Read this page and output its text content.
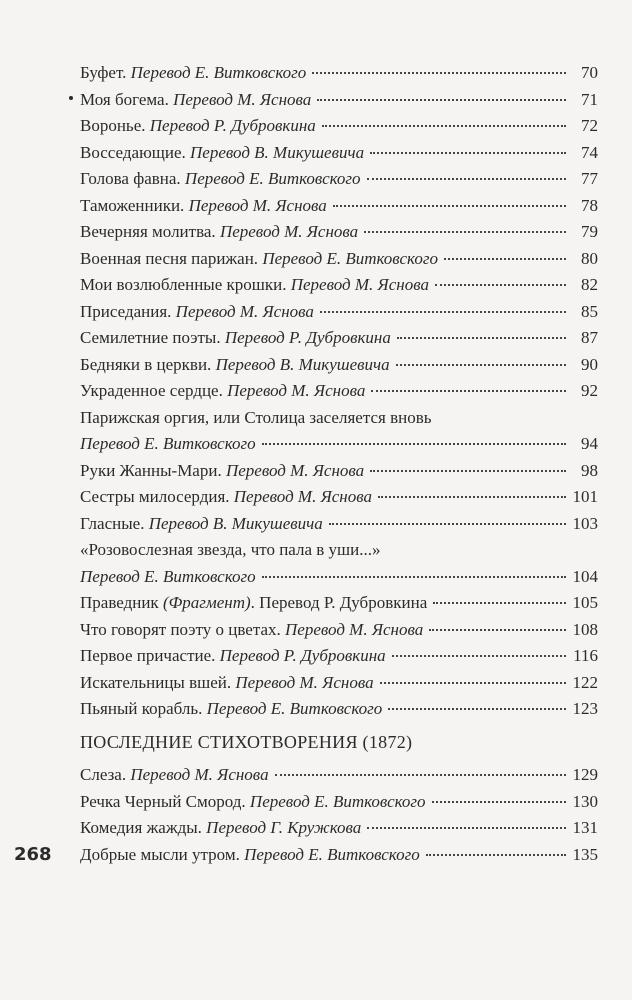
Буфет. Перевод Е. Витковского	70
Моя богема. Перевод М. Яснова	71
Воронье. Перевод Р. Дубровкина	72
Восседающие. Перевод В. Микушевича	74
Голова фавна. Перевод Е. Витковского	77
Таможенники. Перевод М. Яснова	78
Вечерняя молитва. Перевод М. Яснова	79
Военная песня парижан. Перевод Е. Витковского	80
Мои возлюбленные крошки. Перевод М. Яснова	82
Приседания. Перевод М. Яснова	85
Семилетние поэты. Перевод Р. Дубровкина	87
Бедняки в церкви. Перевод В. Микушевича	90
Украденное сердце. Перевод М. Яснова	92
Парижская оргия, или Столица заселяется вновь
Перевод Е. Витковского	94
Руки Жанны-Мари. Перевод М. Яснова	98
Сестры милосердия. Перевод М. Яснова	101
Гласные. Перевод В. Микушевича	103
«Розовослезная звезда, что пала в уши...»
Перевод Е. Витковского	104
Праведник (Фрагмент). Перевод Р. Дубровкина	105
Что говорят поэту о цветах. Перевод М. Яснова	108
Первое причастие. Перевод Р. Дубровкина	116
Искательницы вшей. Перевод М. Яснова	122
Пьяный корабль. Перевод Е. Витковского	123
ПОСЛЕДНИЕ СТИХОТВОРЕНИЯ (1872)
Слеза. Перевод М. Яснова	129
Речка Черный Смород. Перевод Е. Витковского	130
Комедия жажды. Перевод Г. Кружкова	131
Добрые мысли утром. Перевод Е. Витковского	135
268
